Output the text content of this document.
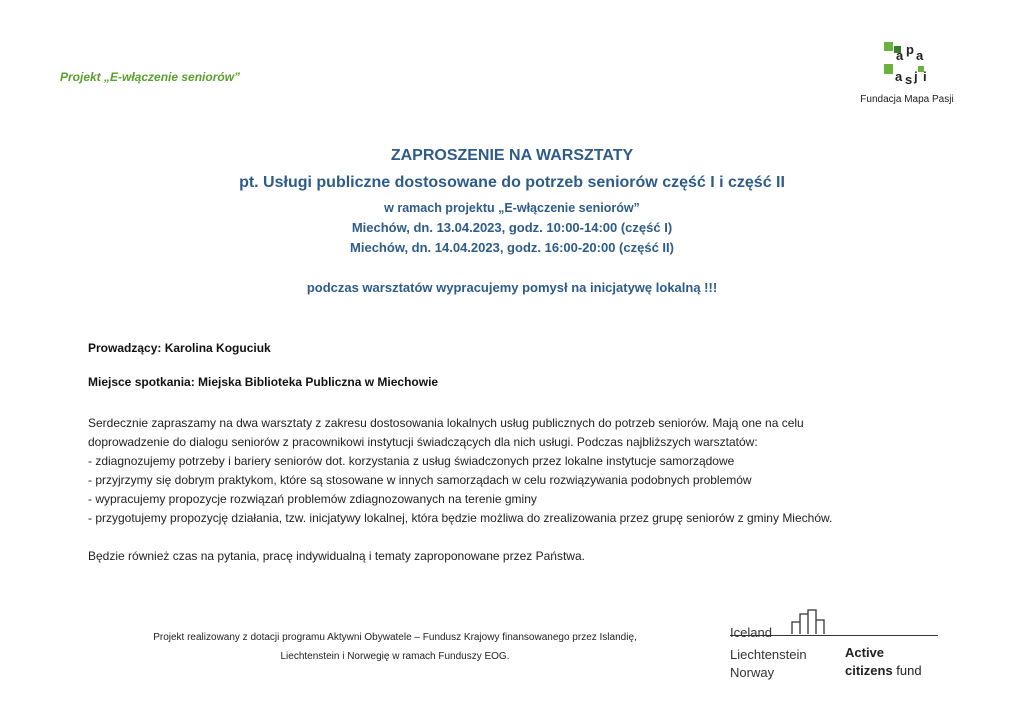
Projekt „E-włączenie seniorów”
a p a
a s j i
Fundacja Mapa Pasji
ZAPROSZENIE NA WARSZTATY
pt. Usługi publiczne dostosowane do potrzeb seniorów część I i część II
w ramach projektu „E-włączenie seniorów”
Miechów, dn. 13.04.2023, godz. 10:00-14:00 (część I)
Miechów, dn. 14.04.2023, godz. 16:00-20:00 (część II)
podczas warsztatów wypracujemy pomysł na inicjatywę lokalną !!!
Prowadzący: Karolina Koguciuk
Miejsce spotkania: Miejska Biblioteka Publiczna w Miechowie

Serdecznie zapraszamy na dwa warsztaty z zakresu dostosowania lokalnych usług publicznych do potrzeb seniorów. Mają one na celu

doprowadzenie do dialogu seniorów z pracownikowi instytucji świadczących dla nich usługi. Podczas najbliższych warsztatów:

- zdiagnozujemy potrzeby i bariery seniorów dot. korzystania z usług świadczonych przez lokalne instytucje samorządowe

- przyjrzymy się dobrym praktykom, które są stosowane w innych samorządach w celu rozwiązywania podobnych problemów

- wypracujemy propozycje rozwiązań problemów zdiagnozowanych na terenie gminy

- przygotujemy propozycję działania, tzw. inicjatywy lokalnej, która będzie możliwa do zrealizowania przez grupę seniorów z gminy Miechów.

Będzie również czas na pytania, pracę indywidualną i tematy zaproponowane przez Państwa.

Projekt realizowany z dotacji programu Aktywni Obywatele – Fundusz Krajowy finansowanego przez Islandię,
Liechtenstein i Norwegię w ramach Funduszy EOG.
Iceland
Liechtenstein
Norway
Active
citizens fund
